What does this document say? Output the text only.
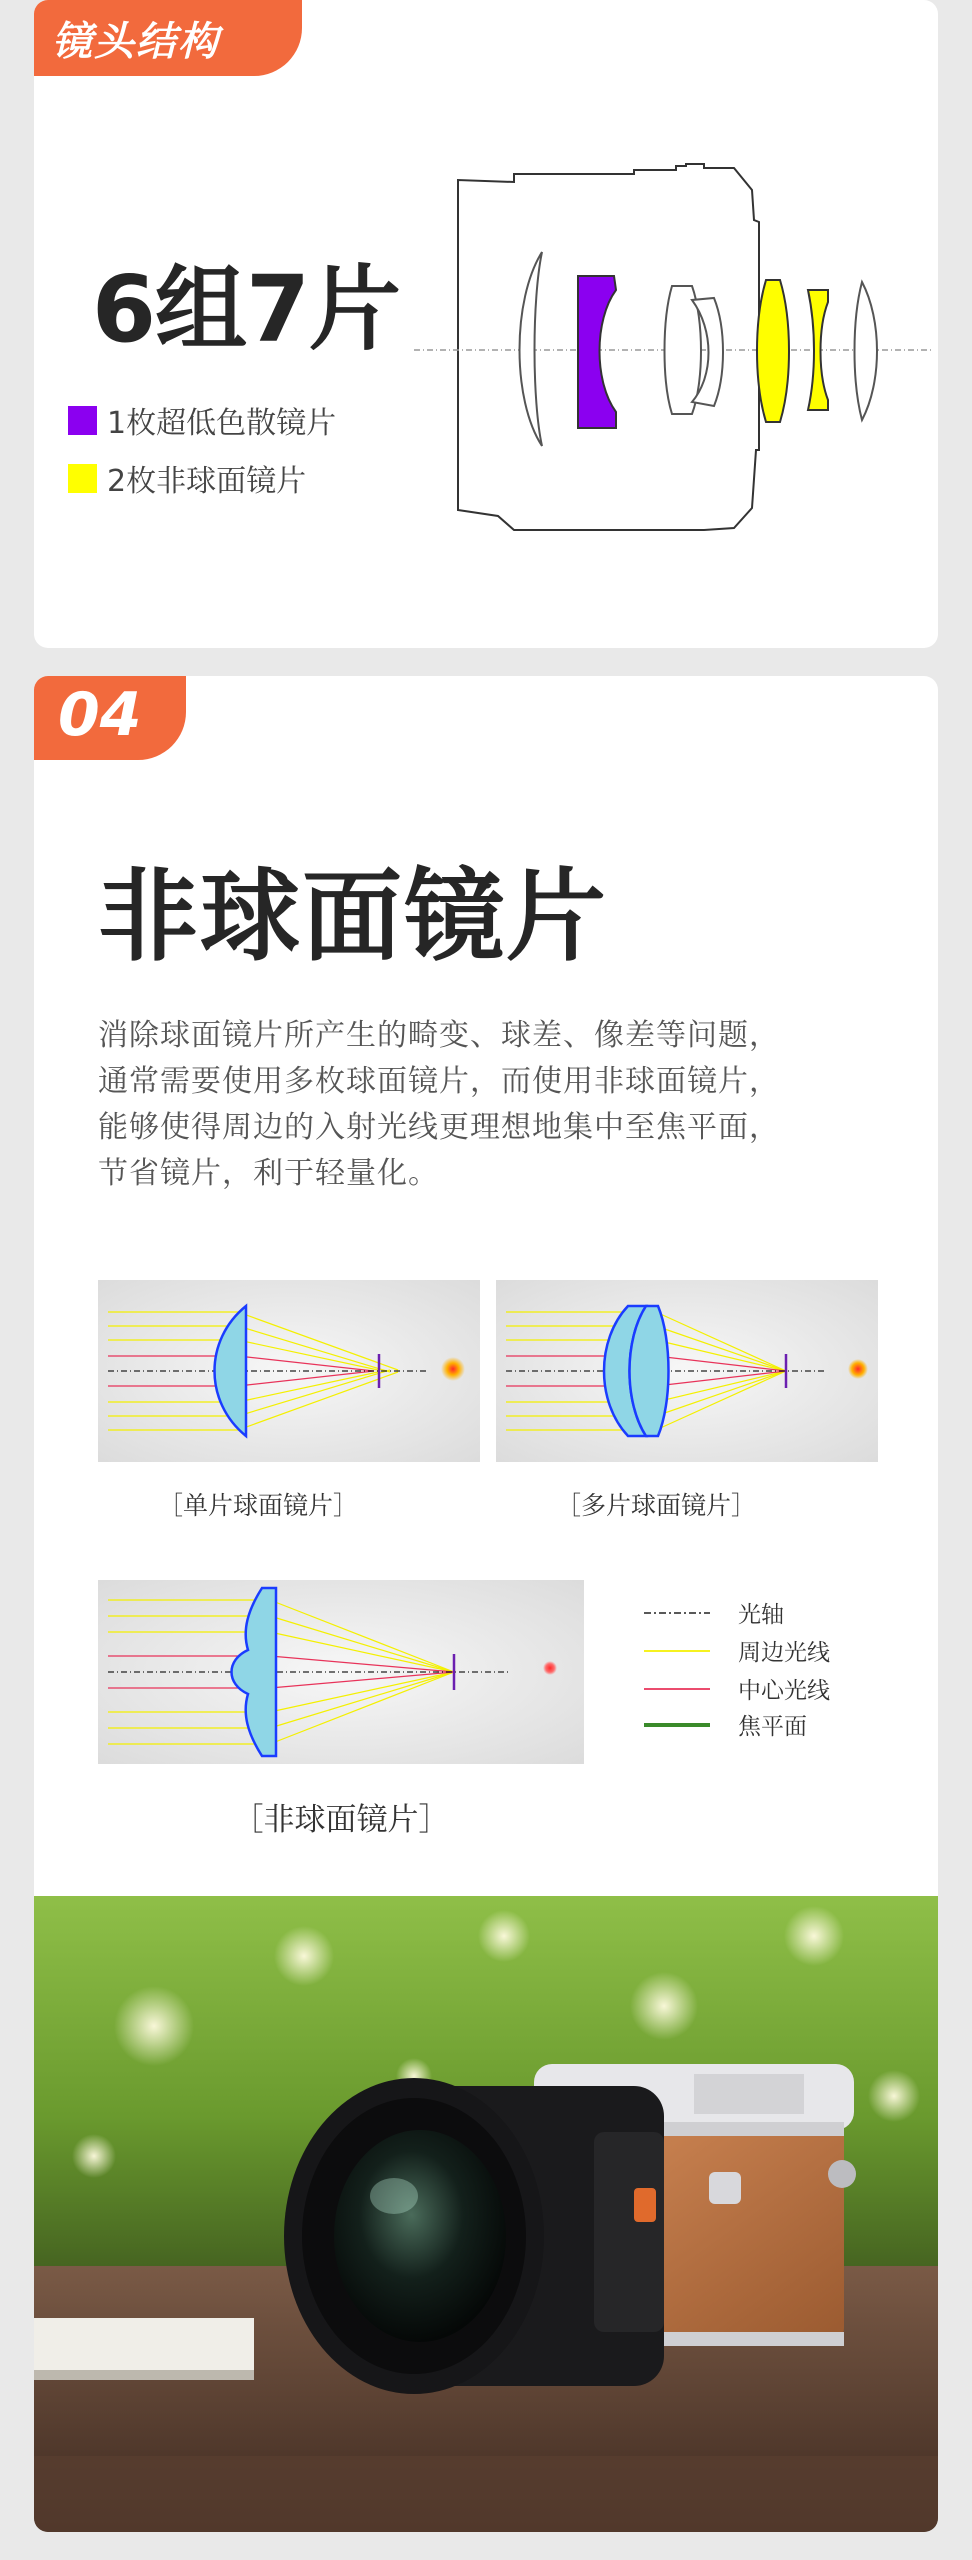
镜头结构
6组7片
1枚超低色散镜片
2枚非球面镜片
04
非球面镜片
消除球面镜片所产生的畸变、球差、像差等问题，
通常需要使用多枚球面镜片，而使用非球面镜片，
能够使得周边的入射光线更理想地集中至焦平面，
节省镜片，利于轻量化。
［单片球面镜片］	［多片球面镜片］
［非球面镜片］
光轴
周边光线
中心光线
焦平面
